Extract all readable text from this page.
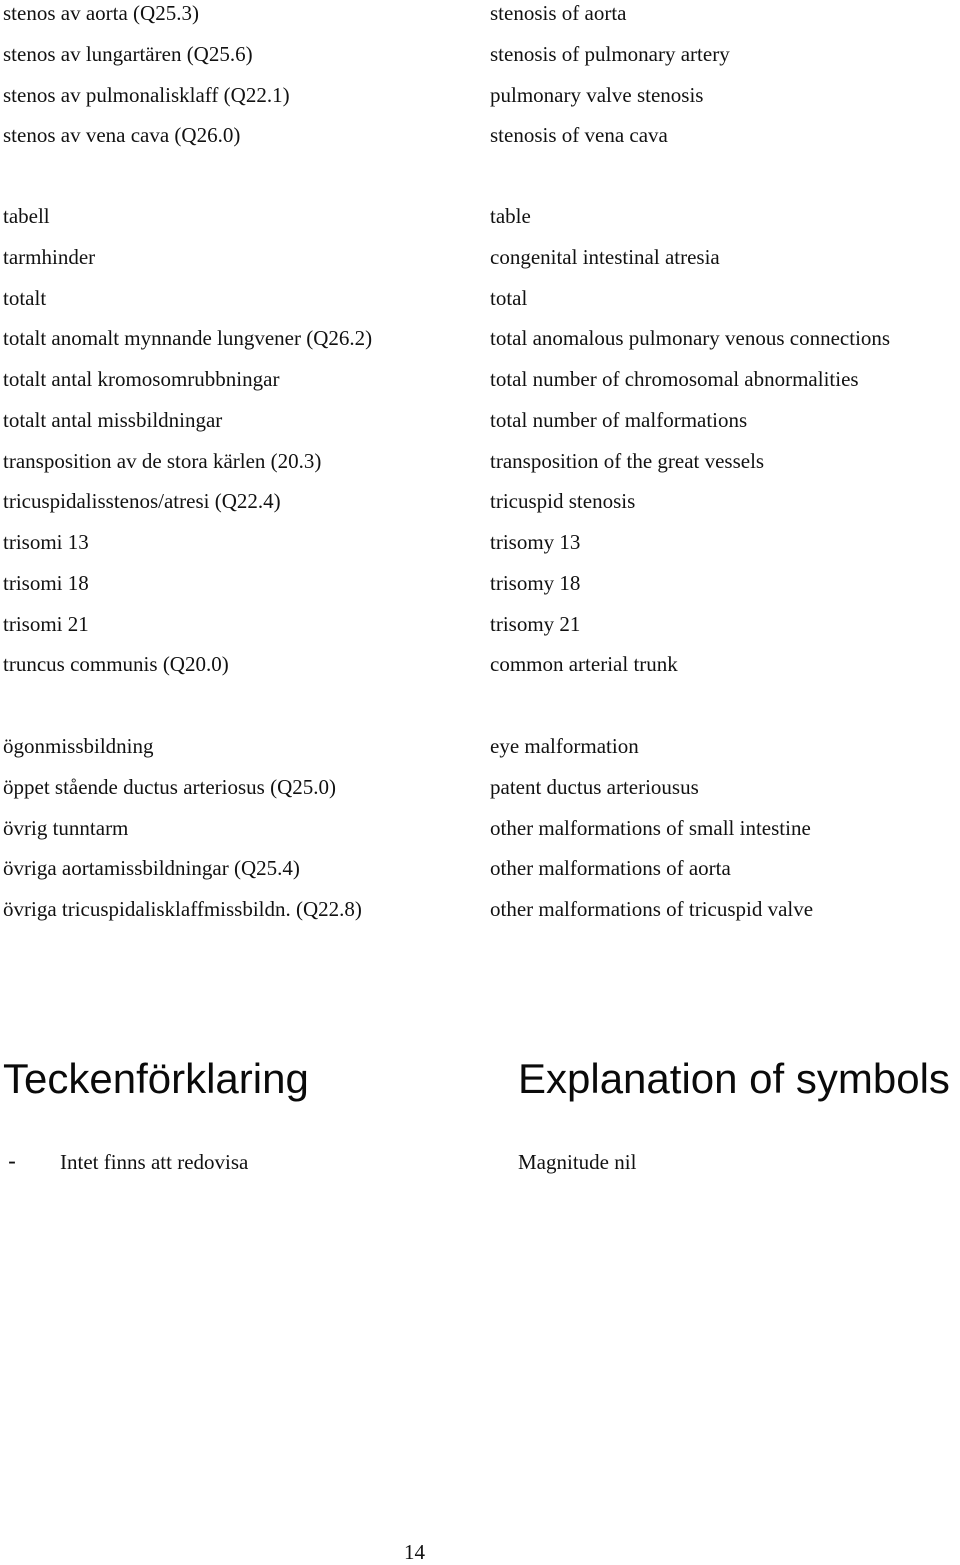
stenos av aorta (Q25.3)	stenosis of aorta
stenos av lungartären (Q25.6)	stenosis of pulmonary artery
stenos av pulmonalisklaff (Q22.1)	pulmonary valve stenosis
stenos av vena cava (Q26.0)	stenosis of vena cava
tabell	table
tarmhinder	congenital intestinal atresia
totalt	total
totalt anomalt mynnande lungvener (Q26.2)	total anomalous pulmonary venous connections
totalt antal kromosomrubbningar	total number of chromosomal abnormalities
totalt antal missbildningar	total number of malformations
transposition av de stora kärlen (20.3)	transposition of the great vessels
tricuspidalisstenos/atresi (Q22.4)	tricuspid stenosis
trisomi 13	trisomy 13
trisomi 18	trisomy 18
trisomi 21	trisomy 21
truncus communis (Q20.0)	common arterial trunk
ögonmissbildning	eye malformation
öppet stående ductus arteriosus (Q25.0)	patent ductus arteriousus
övrig tunntarm	other malformations of small intestine
övriga aortamissbildningar (Q25.4)	other malformations of aorta
övriga tricuspidalisklaffmissbildn. (Q22.8)	other malformations of tricuspid valve
Teckenförklaring	Explanation of symbols
- Intet finns att redovisa	Magnitude nil
14
